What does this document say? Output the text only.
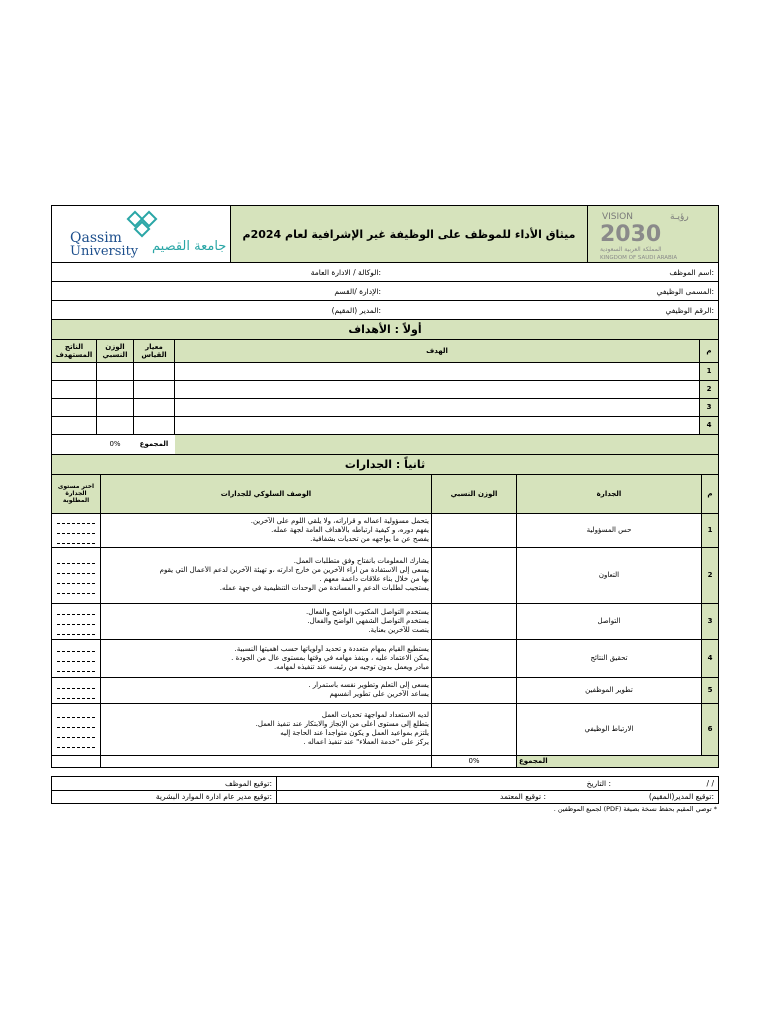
Qassim
University جامعة القصيم
ميثاق الأداء للموظف على الوظيفة غير الإشرافية لعام 2024م
VISION	رؤيـة
2030
المملكة العربية السعودية
KINGDOM OF SAUDI ARABIA
:اسم الموظف
:الوكالة / الادارة العامة
:المسمى الوظيفي
:الإدارة /القسم
:الرقم الوظيفي
:المدير (المقيم)
أولاً : الأهداف
م	الهدف	معيار القياس	الوزن النسبي	الناتج المستهدف
1				
2				
3				
4				
		المجموع	0%	
ثانياً : الجدارات
م	الجدارة	الوزن النسبي	الوصف السلوكي للجدارات	اختر مستوى الجدارة المطلوبة
1	حس المسؤولية		يتحمل مسؤولية أعماله و قراراته، ولا يلقي اللوم على الآخرين.
يفهم دوره، و كيفية ارتباطه بالأهداف العامة لجهة عمله.
يفصح عن ما يواجهه من تحديات بشفافية.	

2	التعاون		يشارك المعلومات بانفتاح وفق متطلبات العمل.
يسعى إلى الاستفادة من اراء الآخرين من خارج ادارته ،و تهيئة الآخرين لدعم الأعمال التي يقوم
بها من خلال بناء علاقات داعمة معهم .
يستجيب لطلبات الدعم و المساندة من الوحدات التنظيمية في جهة عمله.	

3	التواصل		يستخدم التواصل المكتوب الواضح والفعال.
يستخدم التواصل الشفهي الواضح والفعال.
ينصت للآخرين بعناية.	

4	تحقيق النتائج		يستطيع القيام بمهام متعددة و تحديد أولوياتها حسب اهميتها النسبية.
يمكن الاعتماد عليه ، وينفذ مهامه في وقتها بمستوى عال من الجودة .
مبادر ويعمل بدون توجيه من رئيسه عند تنفيذه لمهامه.	

5	تطوير الموظفين		يسعى إلى التعلم وتطوير نفسه باستمرار .
يساعد الآخرين على تطوير أنفسهم	

6	الارتباط الوظيفي		لديه الاستعداد لمواجهة تحديات العمل
يتطلع إلى مستوى أعلى من الإنجاز والابتكار عند تنفيذ العمل.
يلتزم بمواعيد العمل و يكون متواجداً عند الحاجة إليه
يركز على "خدمة العملاء" عند تنفيذ أعماله .	

المجموع		0%		
/ /
: التاريخ
:توقيع الموظف
:توقيع المدير(المقيم)
: توقيع المعتمد
:توقيع مدير عام ادارة الموارد البشرية
* توصي المقيم بحفظ نسخة بصيغة (PDF) لجميع الموظفين .
